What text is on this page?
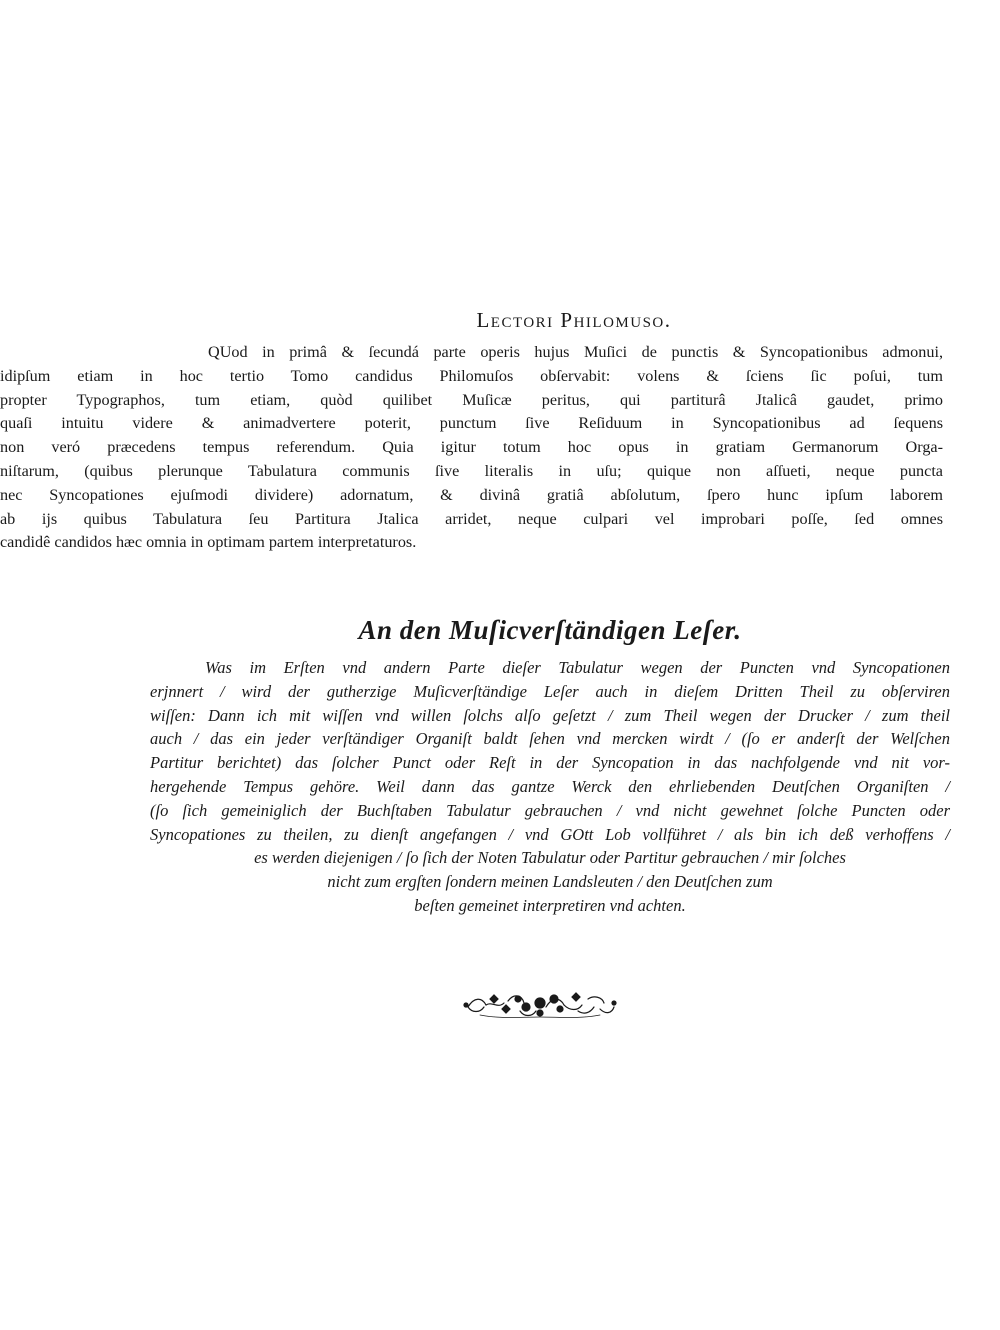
Lectori Philomuso.

QUod in primâ & ſecundá parte operis hujus Muſici de punctis & Syncopationibus admonui,
idipſum etiam in hoc tertio Tomo candidus Philomuſos obſervabit: volens & ſciens ſic poſui, tum
propter Typographos, tum etiam, quòd quilibet Muſicæ peritus, qui partiturâ Jtalicâ gaudet, primo
quaſi intuitu videre & animadvertere poterit, punctum ſive Reſiduum in Syncopationibus ad ſequens
non veró præcedens tempus referendum. Quia igitur totum hoc opus in gratiam Germanorum Orga-
niſtarum, (quibus plerunque Tabulatura communis ſive literalis in uſu; quique non aſſueti, neque puncta
nec Syncopationes ejuſmodi dividere) adornatum, & divinâ gratiâ abſolutum, ſpero hunc ipſum laborem
ab ijs quibus Tabulatura ſeu Partitura Jtalica arridet, neque culpari vel improbari poſſe, ſed omnes
candidê candidos hæc omnia in optimam partem interpretaturos.

An den Muſicverſtändigen Leſer.

Was im Erſten vnd andern Parte dieſer Tabulatur wegen der Puncten vnd Syncopationen
erjnnert / wird der gutherzige Muſicverſtändige Leſer auch in dieſem Dritten Theil zu obſerviren
wiſſen: Dann ich mit wiſſen vnd willen ſolchs alſo geſetzt / zum Theil wegen der Drucker / zum theil
auch / das ein jeder verſtändiger Organiſt baldt ſehen vnd mercken wirdt / (ſo er anderſt der Welſchen
Partitur berichtet) das ſolcher Punct oder Reſt in der Syncopation in das nachfolgende vnd nit vor-
hergehende Tempus gehöre. Weil dann das gantze Werck den ehrliebenden Deutſchen Organiſten /
(ſo ſich gemeiniglich der Buchſtaben Tabulatur gebrauchen / vnd nicht gewehnet ſolche Puncten oder
Syncopationes zu theilen, zu dienſt angefangen / vnd GOtt Lob vollführet / als bin ich deß verhoffens /
es werden diejenigen / ſo ſich der Noten Tabulatur oder Partitur gebrauchen / mir ſolches
nicht zum ergſten ſondern meinen Landsleuten / den Deutſchen zum
beſten gemeinet interpretiren vnd achten.
